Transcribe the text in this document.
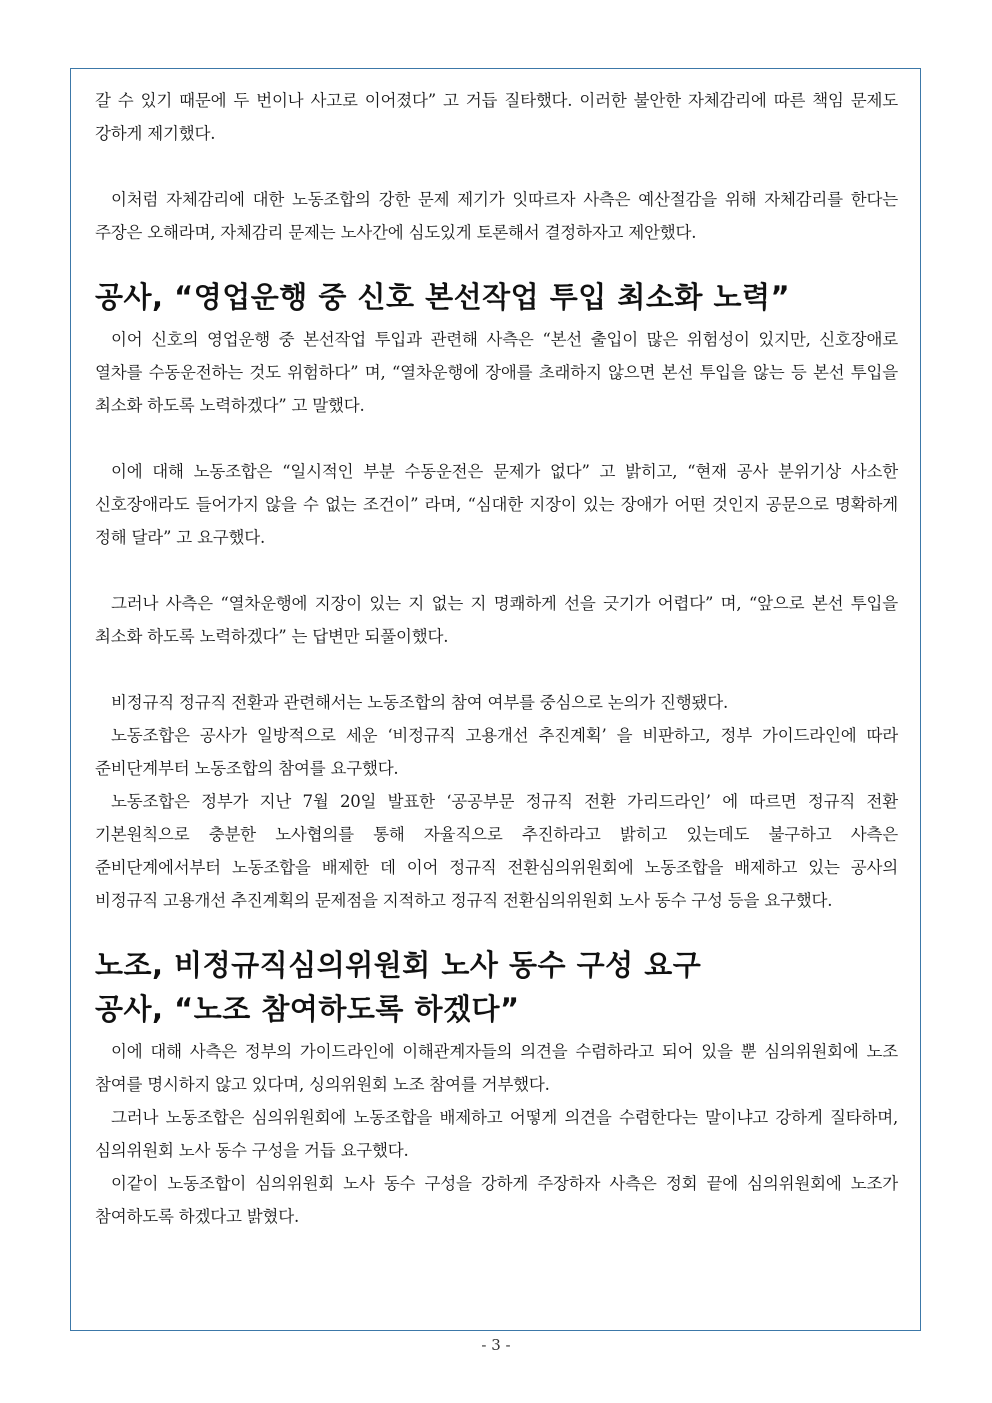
갈 수 있기 때문에 두 번이나 사고로 이어졌다” 고 거듭 질타했다. 이러한 불안한 자체감리에 따른 책임 문제도 강하게 제기했다.

이처럼 자체감리에 대한 노동조합의 강한 문제 제기가 잇따르자 사측은 예산절감을 위해 자체감리를 한다는 주장은 오해라며, 자체감리 문제는 노사간에 심도있게 토론해서 결정하자고 제안했다.

공사, “영업운행 중 신호 본선작업 투입 최소화 노력”

이어 신호의 영업운행 중 본선작업 투입과 관련해 사측은 “본선 출입이 많은 위험성이 있지만, 신호장애로 열차를 수동운전하는 것도 위험하다” 며, “열차운행에 장애를 초래하지 않으면 본선 투입을 않는 등 본선 투입을 최소화 하도록 노력하겠다” 고 말했다.

이에 대해 노동조합은 “일시적인 부분 수동운전은 문제가 없다” 고 밝히고, “현재 공사 분위기상 사소한 신호장애라도 들어가지 않을 수 없는 조건이” 라며, “심대한 지장이 있는 장애가 어떤 것인지 공문으로 명확하게 정해 달라” 고 요구했다.

그러나 사측은 “열차운행에 지장이 있는 지 없는 지 명쾌하게 선을 긋기가 어렵다” 며, “앞으로 본선 투입을 최소화 하도록 노력하겠다” 는 답변만 되풀이했다.

비정규직 정규직 전환과 관련해서는 노동조합의 참여 여부를 중심으로 논의가 진행됐다.

노동조합은 공사가 일방적으로 세운 ‘비정규직 고용개선 추진계획’ 을 비판하고, 정부 가이드라인에 따라 준비단계부터 노동조합의 참여를 요구했다.

노동조합은 정부가 지난 7월 20일 발표한 ‘공공부문 정규직 전환 가리드라인’ 에 따르면 정규직 전환 기본원칙으로 충분한 노사협의를 통해 자율직으로 추진하라고 밝히고 있는데도 불구하고 사측은 준비단계에서부터 노동조합을 배제한 데 이어 정규직 전환심의위원회에 노동조합을 배제하고 있는 공사의 비정규직 고용개선 추진계획의 문제점을 지적하고 정규직 전환심의위원회 노사 동수 구성 등을 요구했다.

노조, 비정규직심의위원회 노사 동수 구성 요구
공사, “노조 참여하도록 하겠다”

이에 대해 사측은 정부의 가이드라인에 이해관계자들의 의견을 수렴하라고 되어 있을 뿐 심의위원회에 노조 참여를 명시하지 않고 있다며, 싱의위원회 노조 참여를 거부했다.

그러나 노동조합은 심의위원회에 노동조합을 배제하고 어떻게 의견을 수렴한다는 말이냐고 강하게 질타하며, 심의위원회 노사 동수 구성을 거듭 요구했다.

이같이 노동조합이 심의위원회 노사 동수 구성을 강하게 주장하자 사측은 정회 끝에 심의위원회에 노조가 참여하도록 하겠다고 밝혔다.

- 3 -
